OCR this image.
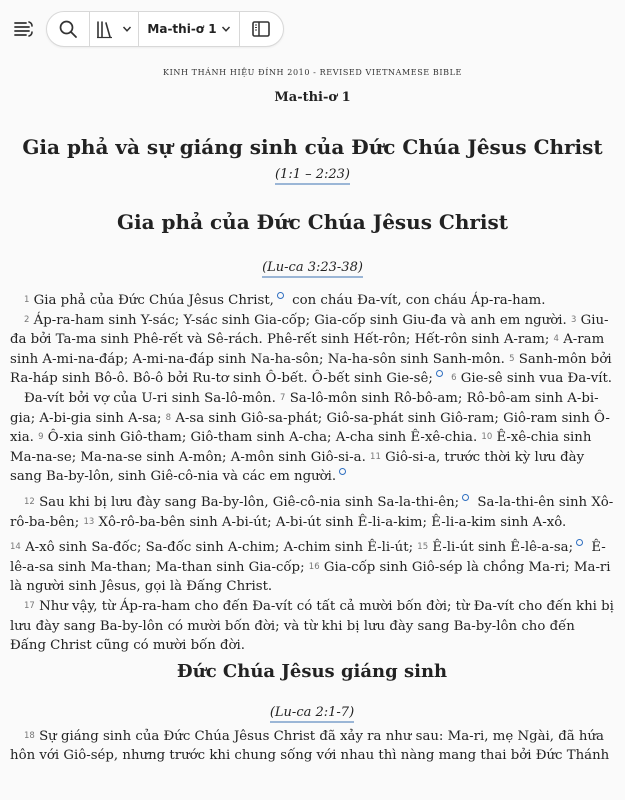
Ma-thi-ơ 1
KINH THÁNH HIỆU ĐÍNH 2010 - REVISED VIETNAMESE BIBLE
Ma-thi-ơ 1
Gia phả và sự giáng sinh của Đức Chúa Jêsus Christ
(1:1 – 2:23)
Gia phả của Đức Chúa Jêsus Christ
(Lu-ca 3:23-38)

1 Gia phả của Đức Chúa Jêsus Christ, con cháu Đa-vít, con cháu Áp-ra-ham.

2 Áp-ra-ham sinh Y-sác; Y-sác sinh Gia-cốp; Gia-cốp sinh Giu-đa và anh em người. 3 Giu-đa bởi Ta-ma sinh Phê-rết và Sê-rách. Phê-rết sinh Hết-rôn; Hết-rôn sinh A-ram; 4 A-ram sinh A-mi-na-đáp; A-mi-na-đáp sinh Na-ha-sôn; Na-ha-sôn sinh Sanh-môn. 5 Sanh-môn bởi Ra-háp sinh Bô-ô. Bô-ô bởi Ru-tơ sinh Ô-bết. Ô-bết sinh Gie-sê; 6 Gie-sê sinh vua Đa-vít.

Đa-vít bởi vợ của U-ri sinh Sa-lô-môn. 7 Sa-lô-môn sinh Rô-bô-am; Rô-bô-am sinh A-bi-gia; A-bi-gia sinh A-sa; 8 A-sa sinh Giô-sa-phát; Giô-sa-phát sinh Giô-ram; Giô-ram sinh Ô-xia. 9 Ô-xia sinh Giô-tham; Giô-tham sinh A-cha; A-cha sinh Ê-xê-chia. 10 Ê-xê-chia sinh Ma-na-se; Ma-na-se sinh A-môn; A-môn sinh Giô-si-a. 11 Giô-si-a, trước thời kỳ lưu đày sang Ba-by-lôn, sinh Giê-cô-nia và các em người.

12 Sau khi bị lưu đày sang Ba-by-lôn, Giê-cô-nia sinh Sa-la-thi-ên; Sa-la-thi-ên sinh Xô-rô-ba-bên; 13 Xô-rô-ba-bên sinh A-bi-út; A-bi-út sinh Ê-li-a-kim; Ê-li-a-kim sinh A-xô.

14 A-xô sinh Sa-đốc; Sa-đốc sinh A-chim; A-chim sinh Ê-li-út; 15 Ê-li-út sinh Ê-lê-a-sa; Ê-lê-a-sa sinh Ma-than; Ma-than sinh Gia-cốp; 16 Gia-cốp sinh Giô-sép là chồng Ma-ri; Ma-ri là người sinh Jêsus, gọi là Đấng Christ.

17 Như vậy, từ Áp-ra-ham cho đến Đa-vít có tất cả mười bốn đời; từ Đa-vít cho đến khi bị lưu đày sang Ba-by-lôn có mười bốn đời; và từ khi bị lưu đày sang Ba-by-lôn cho đến Đấng Christ cũng có mười bốn đời.

Đức Chúa Jêsus giáng sinh
(Lu-ca 2:1-7)

18 Sự giáng sinh của Đức Chúa Jêsus Christ đã xảy ra như sau: Ma-ri, mẹ Ngài, đã hứa hôn với Giô-sép, nhưng trước khi chung sống với nhau thì nàng mang thai bởi Đức Thánh
